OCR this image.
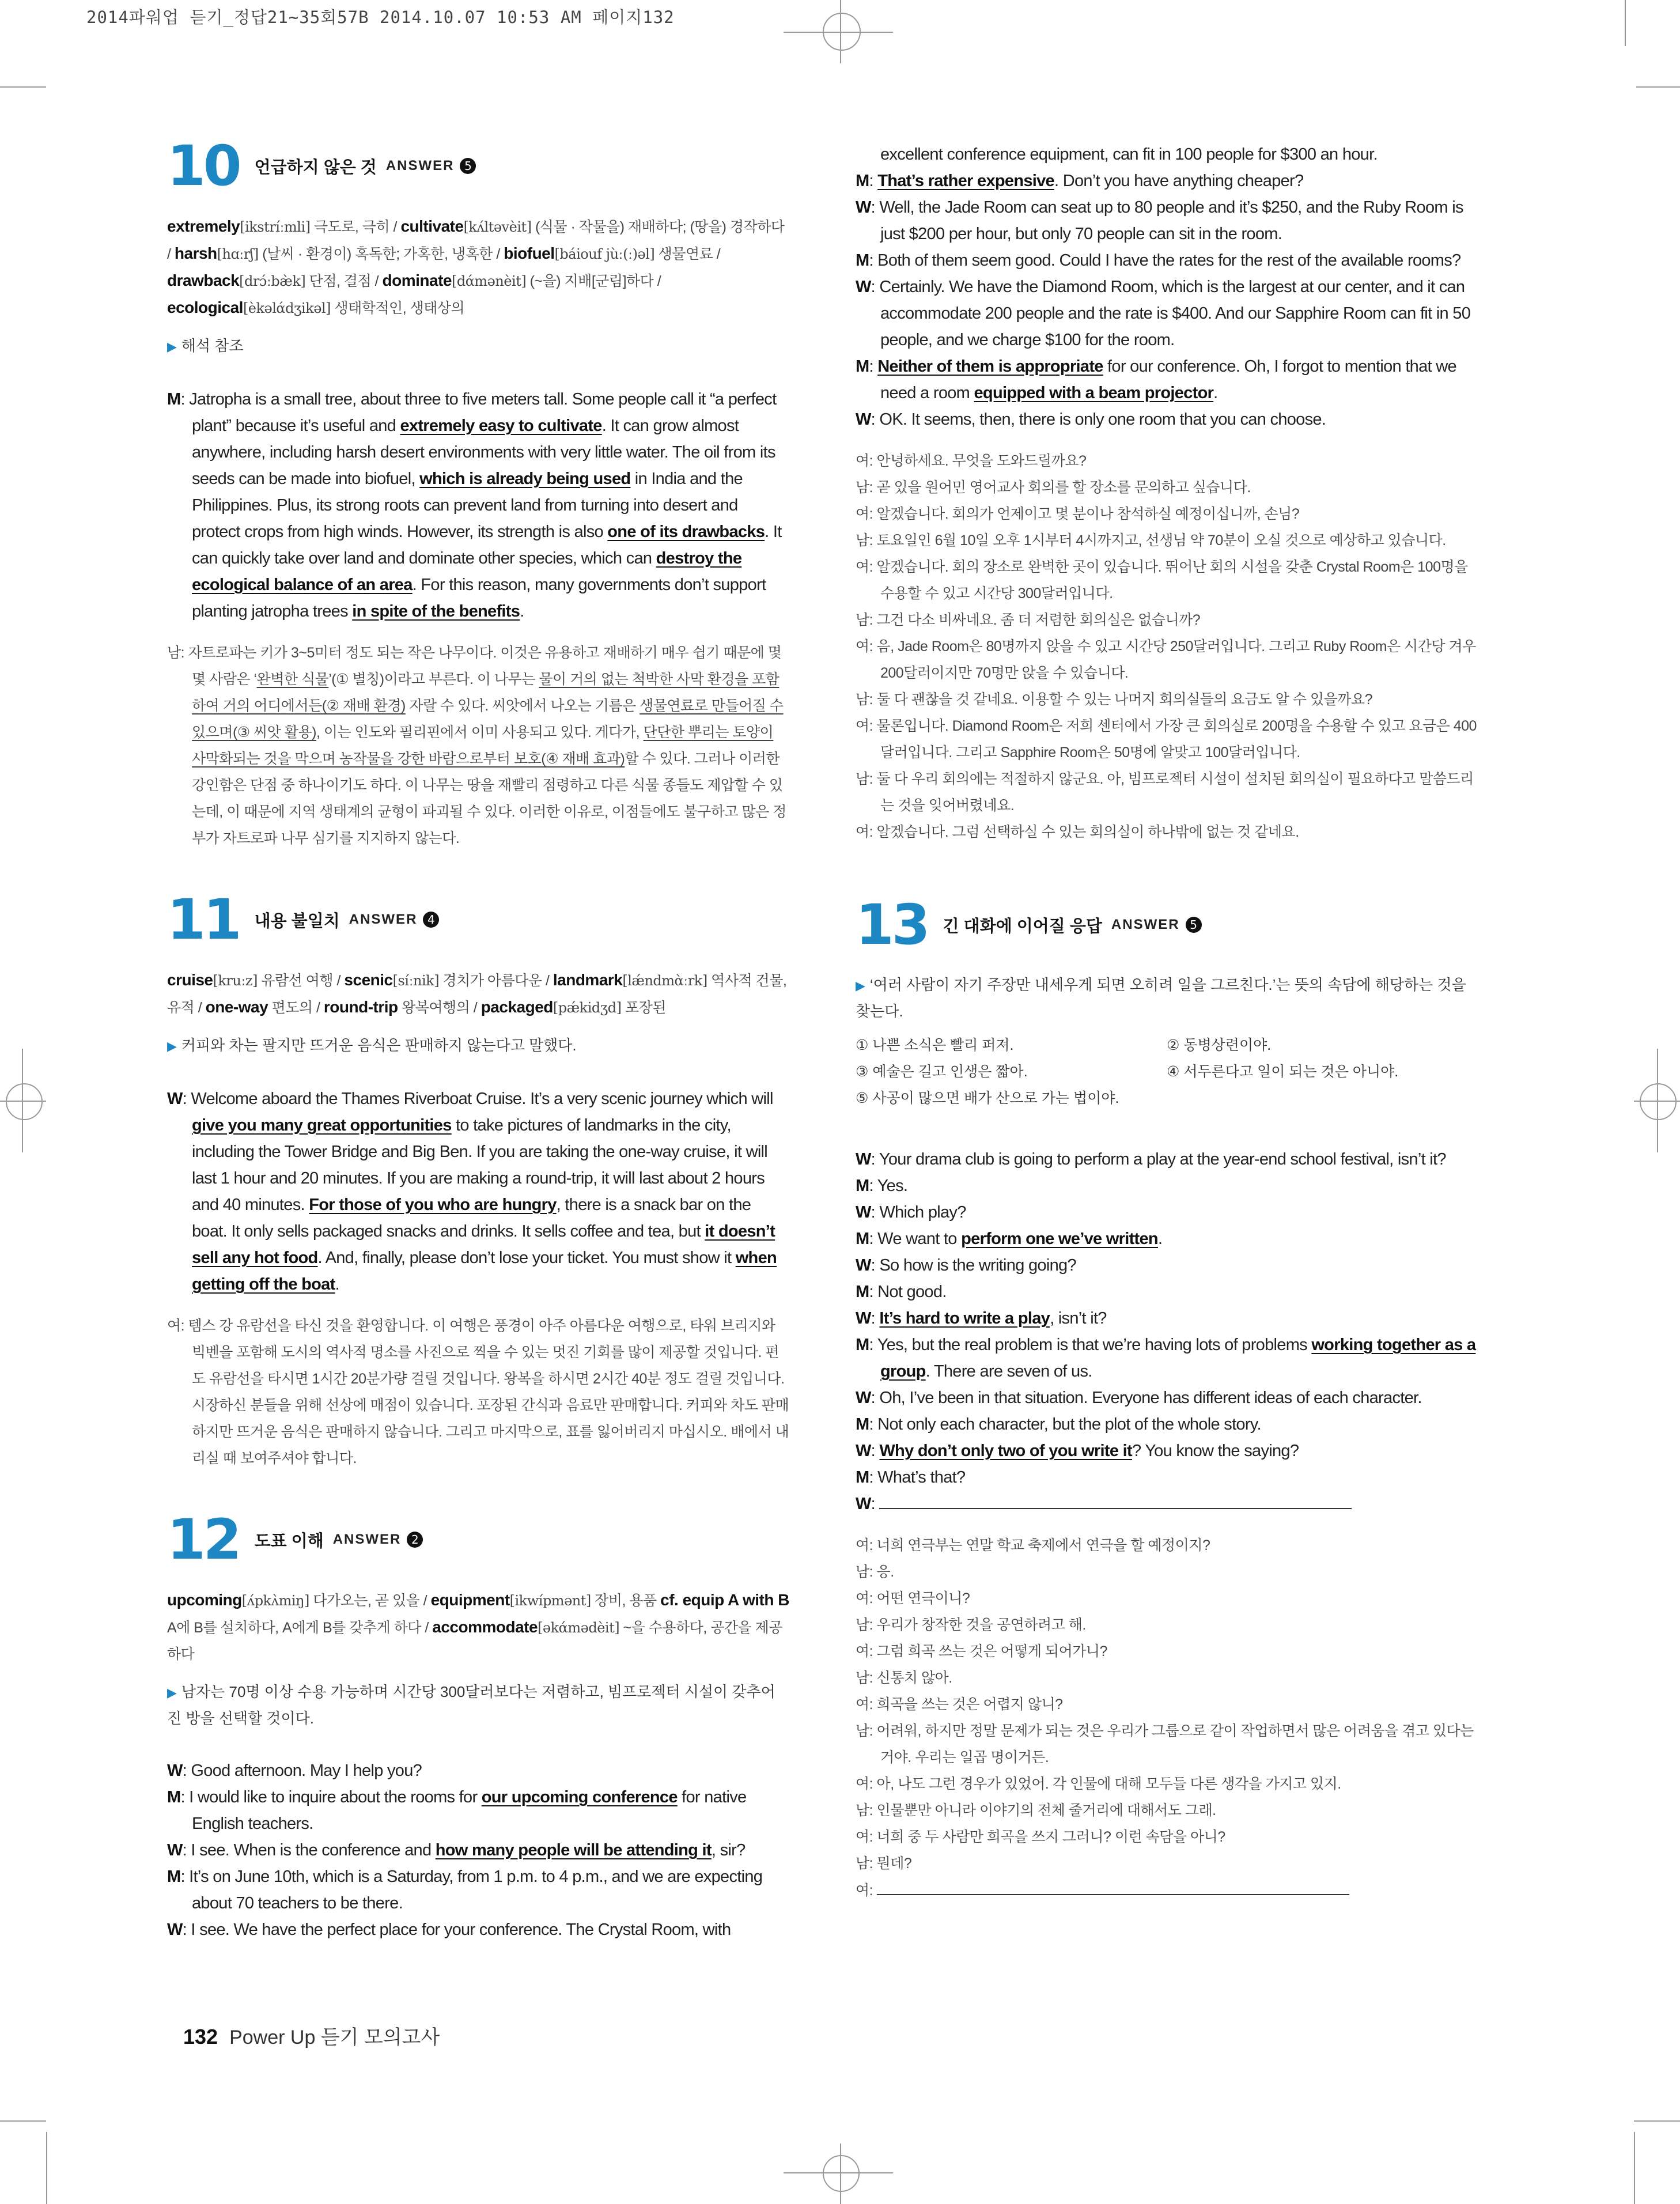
2014파워업 듣기_정답21~35회57B 2014.10.07 10:53 AM 페이지132
10 언급하지 않은 것 ANSWER 5
extremely[ikstríːmli] 극도로, 극히 / cultivate[kʌ́ltəvèit] (식물 · 작물을) 재배하다; (땅을) 경작하다 / harsh[hɑːrʃ] (날씨 · 환경이) 혹독한; 가혹한, 냉혹한 / biofuel[báiouf jùː(ː)əl] 생물연료 / drawback[drɔ́ːbæ̀k] 단점, 결점 / dominate[dάmənèit] (~을) 지배[군림]하다 / ecological[èkəlάdʒikəl] 생태학적인, 생태상의
▶ 해석 참조
M: Jatropha is a small tree, about three to five meters tall. Some people call it “a perfect plant” because it’s useful and extremely easy to cultivate. It can grow almost anywhere, including harsh desert environments with very little water. The oil from its seeds can be made into biofuel, which is already being used in India and the Philippines. Plus, its strong roots can prevent land from turning into desert and protect crops from high winds. However, its strength is also one of its drawbacks. It can quickly take over land and dominate other species, which can destroy the ecological balance of an area. For this reason, many governments don’t support planting jatropha trees in spite of the benefits.
남: 자트로파는 키가 3~5미터 정도 되는 작은 나무이다. 이것은 유용하고 재배하기 매우 쉽기 때문에 몇몇 사람은 ‘완벽한 식물’(① 별칭)이라고 부른다. 이 나무는 물이 거의 없는 척박한 사막 환경을 포함하여 거의 어디에서든(② 재배 환경) 자랄 수 있다. 씨앗에서 나오는 기름은 생물연료로 만들어질 수 있으며(③ 씨앗 활용), 이는 인도와 필리핀에서 이미 사용되고 있다. 게다가, 단단한 뿌리는 토양이 사막화되는 것을 막으며 농작물을 강한 바람으로부터 보호(④ 재배 효과)할 수 있다. 그러나 이러한 강인함은 단점 중 하나이기도 하다. 이 나무는 땅을 재빨리 점령하고 다른 식물 종들도 제압할 수 있는데, 이 때문에 지역 생태계의 균형이 파괴될 수 있다. 이러한 이유로, 이점들에도 불구하고 많은 정부가 자트로파 나무 심기를 지지하지 않는다.
11 내용 불일치 ANSWER 4
cruise[kruːz] 유람선 여행 / scenic[síːnik] 경치가 아름다운 / landmark[lǽndmὰːrk] 역사적 건물, 유적 / one-way 편도의 / round-trip 왕복여행의 / packaged[pǽkidʒd] 포장된
▶ 커피와 차는 팔지만 뜨거운 음식은 판매하지 않는다고 말했다.
W: Welcome aboard the Thames Riverboat Cruise. It’s a very scenic journey which will give you many great opportunities to take pictures of landmarks in the city, including the Tower Bridge and Big Ben. If you are taking the one-way cruise, it will last 1 hour and 20 minutes. If you are making a round-trip, it will last about 2 hours and 40 minutes. For those of you who are hungry, there is a snack bar on the boat. It only sells packaged snacks and drinks. It sells coffee and tea, but it doesn’t sell any hot food. And, finally, please don’t lose your ticket. You must show it when getting off the boat.
여: 템스 강 유람선을 타신 것을 환영합니다. 이 여행은 풍경이 아주 아름다운 여행으로, 타워 브리지와 빅벤을 포함해 도시의 역사적 명소를 사진으로 찍을 수 있는 멋진 기회를 많이 제공할 것입니다. 편도 유람선을 타시면 1시간 20분가량 걸릴 것입니다. 왕복을 하시면 2시간 40분 정도 걸릴 것입니다. 시장하신 분들을 위해 선상에 매점이 있습니다. 포장된 간식과 음료만 판매합니다. 커피와 차도 판매하지만 뜨거운 음식은 판매하지 않습니다. 그리고 마지막으로, 표를 잃어버리지 마십시오. 배에서 내리실 때 보여주셔야 합니다.
12 도표 이해 ANSWER 2
upcoming[ʌ́pkʌ̀miŋ] 다가오는, 곧 있을 / equipment[ikwípmənt] 장비, 용품 cf. equip A with B A에 B를 설치하다, A에게 B를 갖추게 하다 / accommodate[əkάmədèit] ~을 수용하다, 공간을 제공하다
▶ 남자는 70명 이상 수용 가능하며 시간당 300달러보다는 저렴하고, 빔프로젝터 시설이 갖추어진 방을 선택할 것이다.
W: Good afternoon. May I help you?
M: I would like to inquire about the rooms for our upcoming conference for native English teachers.
W: I see. When is the conference and how many people will be attending it, sir?
M: It’s on June 10th, which is a Saturday, from 1 p.m. to 4 p.m., and we are expecting about 70 teachers to be there.
W: I see. We have the perfect place for your conference. The Crystal Room, with
excellent conference equipment, can fit in 100 people for $300 an hour.
M: That’s rather expensive. Don’t you have anything cheaper?
W: Well, the Jade Room can seat up to 80 people and it’s $250, and the Ruby Room is just $200 per hour, but only 70 people can sit in the room.
M: Both of them seem good. Could I have the rates for the rest of the available rooms?
W: Certainly. We have the Diamond Room, which is the largest at our center, and it can accommodate 200 people and the rate is $400. And our Sapphire Room can fit in 50 people, and we charge $100 for the room.
M: Neither of them is appropriate for our conference. Oh, I forgot to mention that we need a room equipped with a beam projector.
W: OK. It seems, then, there is only one room that you can choose.
여: 안녕하세요. 무엇을 도와드릴까요?
남: 곧 있을 원어민 영어교사 회의를 할 장소를 문의하고 싶습니다.
여: 알겠습니다. 회의가 언제이고 몇 분이나 참석하실 예정이십니까, 손님?
남: 토요일인 6월 10일 오후 1시부터 4시까지고, 선생님 약 70분이 오실 것으로 예상하고 있습니다.
여: 알겠습니다. 회의 장소로 완벽한 곳이 있습니다. 뛰어난 회의 시설을 갖춘 Crystal Room은 100명을 수용할 수 있고 시간당 300달러입니다.
남: 그건 다소 비싸네요. 좀 더 저렴한 회의실은 없습니까?
여: 음, Jade Room은 80명까지 앉을 수 있고 시간당 250달러입니다. 그리고 Ruby Room은 시간당 겨우 200달러이지만 70명만 앉을 수 있습니다.
남: 둘 다 괜찮을 것 같네요. 이용할 수 있는 나머지 회의실들의 요금도 알 수 있을까요?
여: 물론입니다. Diamond Room은 저희 센터에서 가장 큰 회의실로 200명을 수용할 수 있고 요금은 400달러입니다. 그리고 Sapphire Room은 50명에 알맞고 100달러입니다.
남: 둘 다 우리 회의에는 적절하지 않군요. 아, 빔프로젝터 시설이 설치된 회의실이 필요하다고 말씀드리는 것을 잊어버렸네요.
여: 알겠습니다. 그럼 선택하실 수 있는 회의실이 하나밖에 없는 것 같네요.
13 긴 대화에 이어질 응답 ANSWER 5
▶ ‘여러 사람이 자기 주장만 내세우게 되면 오히려 일을 그르친다.’는 뜻의 속담에 해당하는 것을 찾는다.
① 나쁜 소식은 빨리 퍼져.	② 동병상련이야.
③ 예술은 길고 인생은 짧아.	④ 서두른다고 일이 되는 것은 아니야.
⑤ 사공이 많으면 배가 산으로 가는 법이야.
W: Your drama club is going to perform a play at the year-end school festival, isn’t it?
M: Yes.
W: Which play?
M: We want to perform one we’ve written.
W: So how is the writing going?
M: Not good.
W: It’s hard to write a play, isn’t it?
M: Yes, but the real problem is that we’re having lots of problems working together as a group. There are seven of us.
W: Oh, I’ve been in that situation. Everyone has different ideas of each character.
M: Not only each character, but the plot of the whole story.
W: Why don’t only two of you write it? You know the saying?
M: What’s that?
W:
여: 너희 연극부는 연말 학교 축제에서 연극을 할 예정이지?
남: 응.
여: 어떤 연극이니?
남: 우리가 창작한 것을 공연하려고 해.
여: 그럼 희곡 쓰는 것은 어떻게 되어가니?
남: 신통치 않아.
여: 희곡을 쓰는 것은 어렵지 않니?
남: 어려워, 하지만 정말 문제가 되는 것은 우리가 그룹으로 같이 작업하면서 많은 어려움을 겪고 있다는 거야. 우리는 일곱 명이거든.
여: 아, 나도 그런 경우가 있었어. 각 인물에 대해 모두들 다른 생각을 가지고 있지.
남: 인물뿐만 아니라 이야기의 전체 줄거리에 대해서도 그래.
여: 너희 중 두 사람만 희곡을 쓰지 그러니? 이런 속담을 아니?
남: 뭔데?
여:
132 Power Up 듣기 모의고사
